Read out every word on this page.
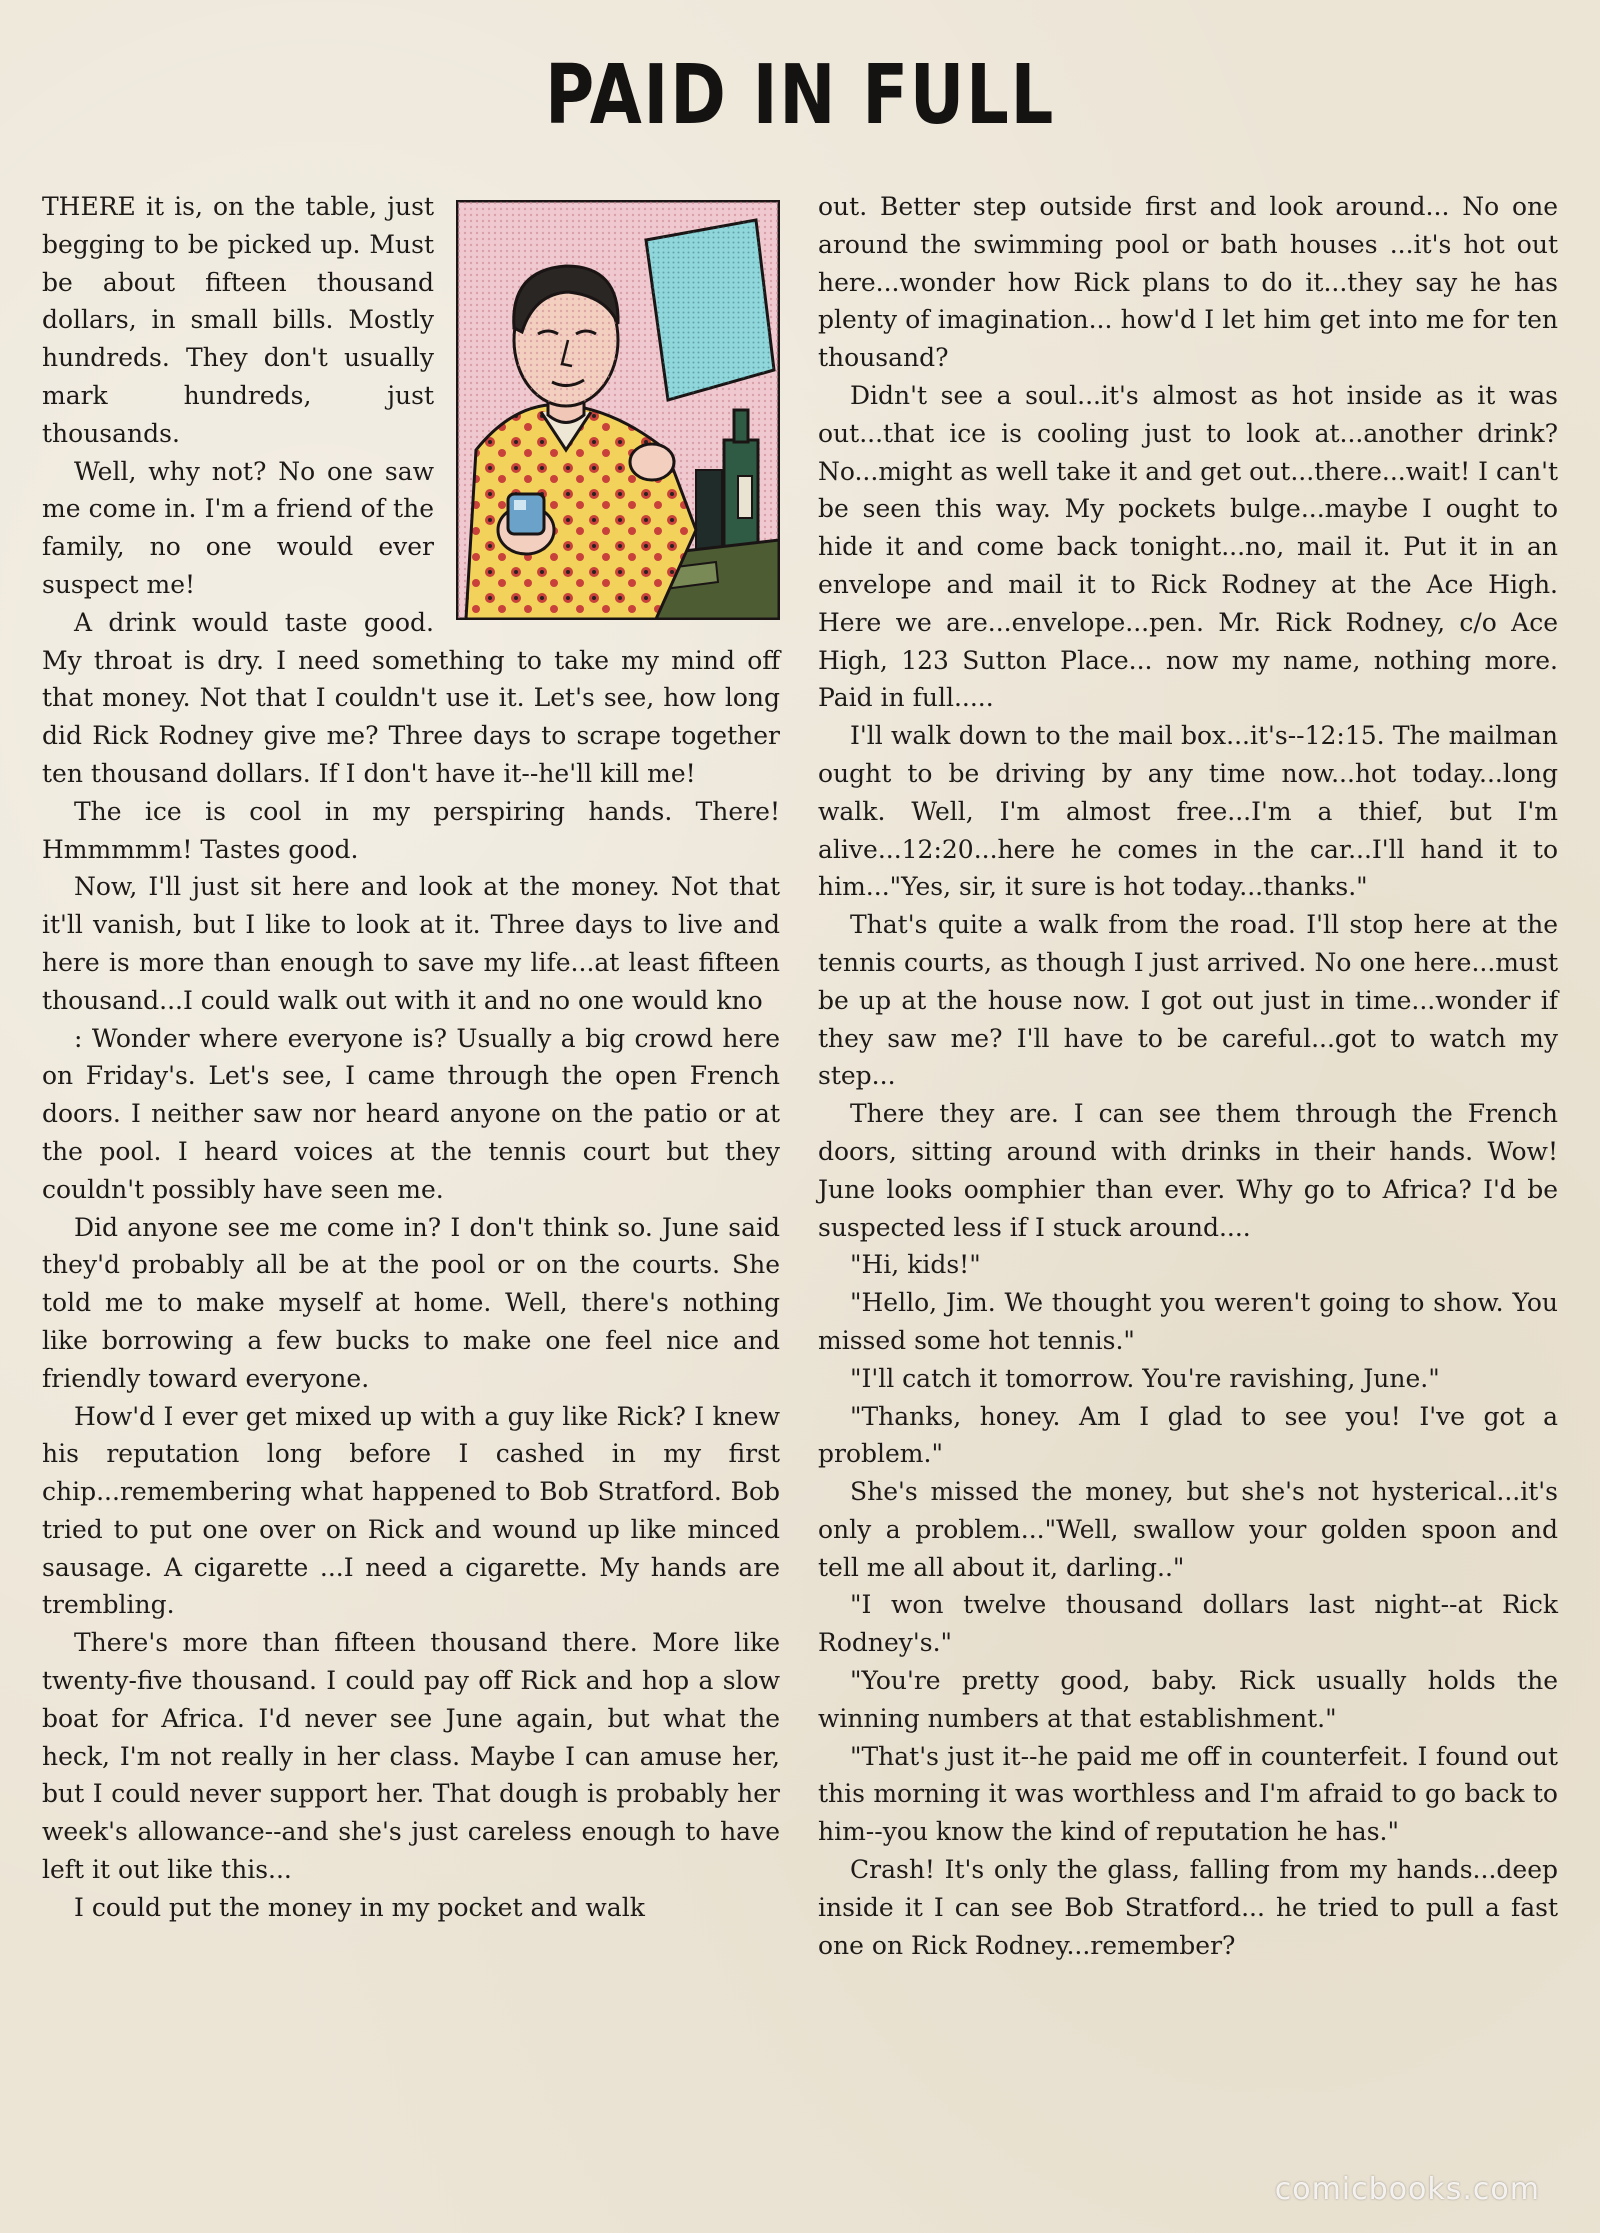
PAID IN FULL

THERE it is, on the table, just begging to be picked up. Must be about fifteen thousand dollars, in small bills. Mostly hundreds. They don't usually mark hundreds, just thousands.

Well, why not? No one saw me come in. I'm a friend of the family, no one would ever suspect me!

A drink would taste good. My throat is dry. I need something to take my mind off that money. Not that I couldn't use it. Let's see, how long did Rick Rodney give me? Three days to scrape together ten thousand dollars. If I don't have it--he'll kill me!

The ice is cool in my perspiring hands. There! Hmmmmm! Tastes good.

Now, I'll just sit here and look at the money. Not that it'll vanish, but I like to look at it. Three days to live and here is more than enough to save my life...at least fifteen thousand...I could walk out with it and no one would kno

: Wonder where everyone is? Usually a big crowd here on Friday's. Let's see, I came through the open French doors. I neither saw nor heard anyone on the patio or at the pool. I heard voices at the tennis court but they couldn't possibly have seen me.

Did anyone see me come in? I don't think so. June said they'd probably all be at the pool or on the courts. She told me to make myself at home. Well, there's nothing like borrowing a few bucks to make one feel nice and friendly toward everyone.

How'd I ever get mixed up with a guy like Rick? I knew his reputation long before I cashed in my first chip...remembering what happened to Bob Stratford. Bob tried to put one over on Rick and wound up like minced sausage. A cigarette ...I need a cigarette. My hands are trembling.

There's more than fifteen thousand there. More like twenty-five thousand. I could pay off Rick and hop a slow boat for Africa. I'd never see June again, but what the heck, I'm not really in her class. Maybe I can amuse her, but I could never support her. That dough is probably her week's allowance--and she's just careless enough to have left it out like this...

I could put the money in my pocket and walk

out. Better step outside first and look around... No one around the swimming pool or bath houses ...it's hot out here...wonder how Rick plans to do it...they say he has plenty of imagination... how'd I let him get into me for ten thousand?

Didn't see a soul...it's almost as hot inside as it was out...that ice is cooling just to look at...another drink? No...might as well take it and get out...there...wait! I can't be seen this way. My pockets bulge...maybe I ought to hide it and come back tonight...no, mail it. Put it in an envelope and mail it to Rick Rodney at the Ace High. Here we are...envelope...pen. Mr. Rick Rodney, c/o Ace High, 123 Sutton Place... now my name, nothing more. Paid in full.....

I'll walk down to the mail box...it's--12:15. The mailman ought to be driving by any time now...hot today...long walk. Well, I'm almost free...I'm a thief, but I'm alive...12:20...here he comes in the car...I'll hand it to him..."Yes, sir, it sure is hot today...thanks."

That's quite a walk from the road. I'll stop here at the tennis courts, as though I just arrived. No one here...must be up at the house now. I got out just in time...wonder if they saw me? I'll have to be careful...got to watch my step...

There they are. I can see them through the French doors, sitting around with drinks in their hands. Wow! June looks oomphier than ever. Why go to Africa? I'd be suspected less if I stuck around....

"Hi, kids!"

"Hello, Jim. We thought you weren't going to show. You missed some hot tennis."

"I'll catch it tomorrow. You're ravishing, June."

"Thanks, honey. Am I glad to see you! I've got a problem."

She's missed the money, but she's not hysterical...it's only a problem..."Well, swallow your golden spoon and tell me all about it, darling.."

"I won twelve thousand dollars last night--at Rick Rodney's."

"You're pretty good, baby. Rick usually holds the winning numbers at that establishment."

"That's just it--he paid me off in counterfeit. I found out this morning it was worthless and I'm afraid to go back to him--you know the kind of reputation he has."

Crash! It's only the glass, falling from my hands...deep inside it I can see Bob Stratford... he tried to pull a fast one on Rick Rodney...remember?

comicbooks.com
